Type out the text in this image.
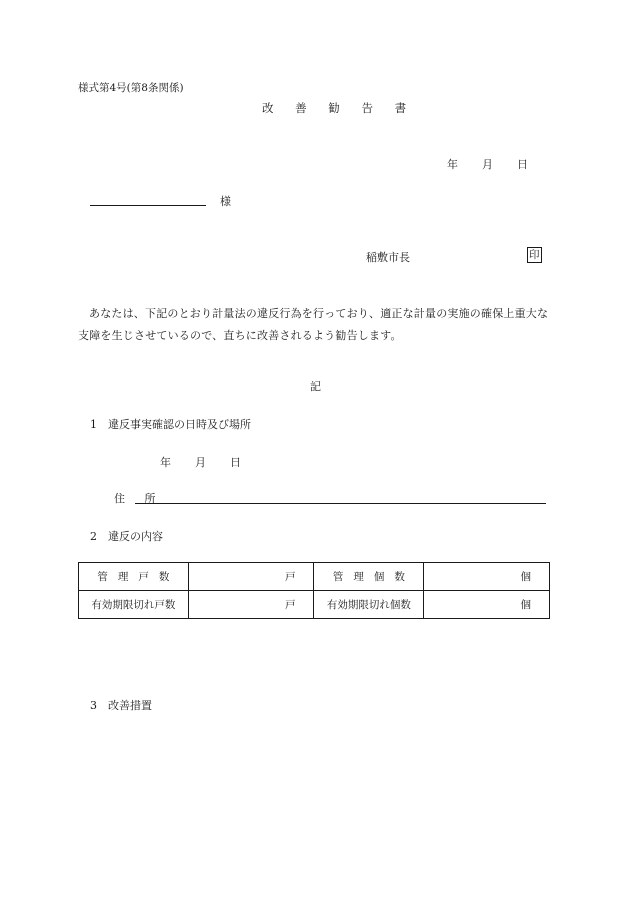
様式第4号(第8条関係)
改 善 勧 告 書
年 月 日
様
稲敷市長	印
あなたは、下記のとおり計量法の違反行為を行っており、適正な計量の実施の確保上重大な支障を生じさせているので、直ちに改善されるよう勧告します。
記
1　違反事実確認の日時及び場所
年 月 日
住 所
2　違反の内容
管理戸数	戸	管理個数	個
有効期限切れ戸数	戸	有効期限切れ個数	個
3　改善措置
